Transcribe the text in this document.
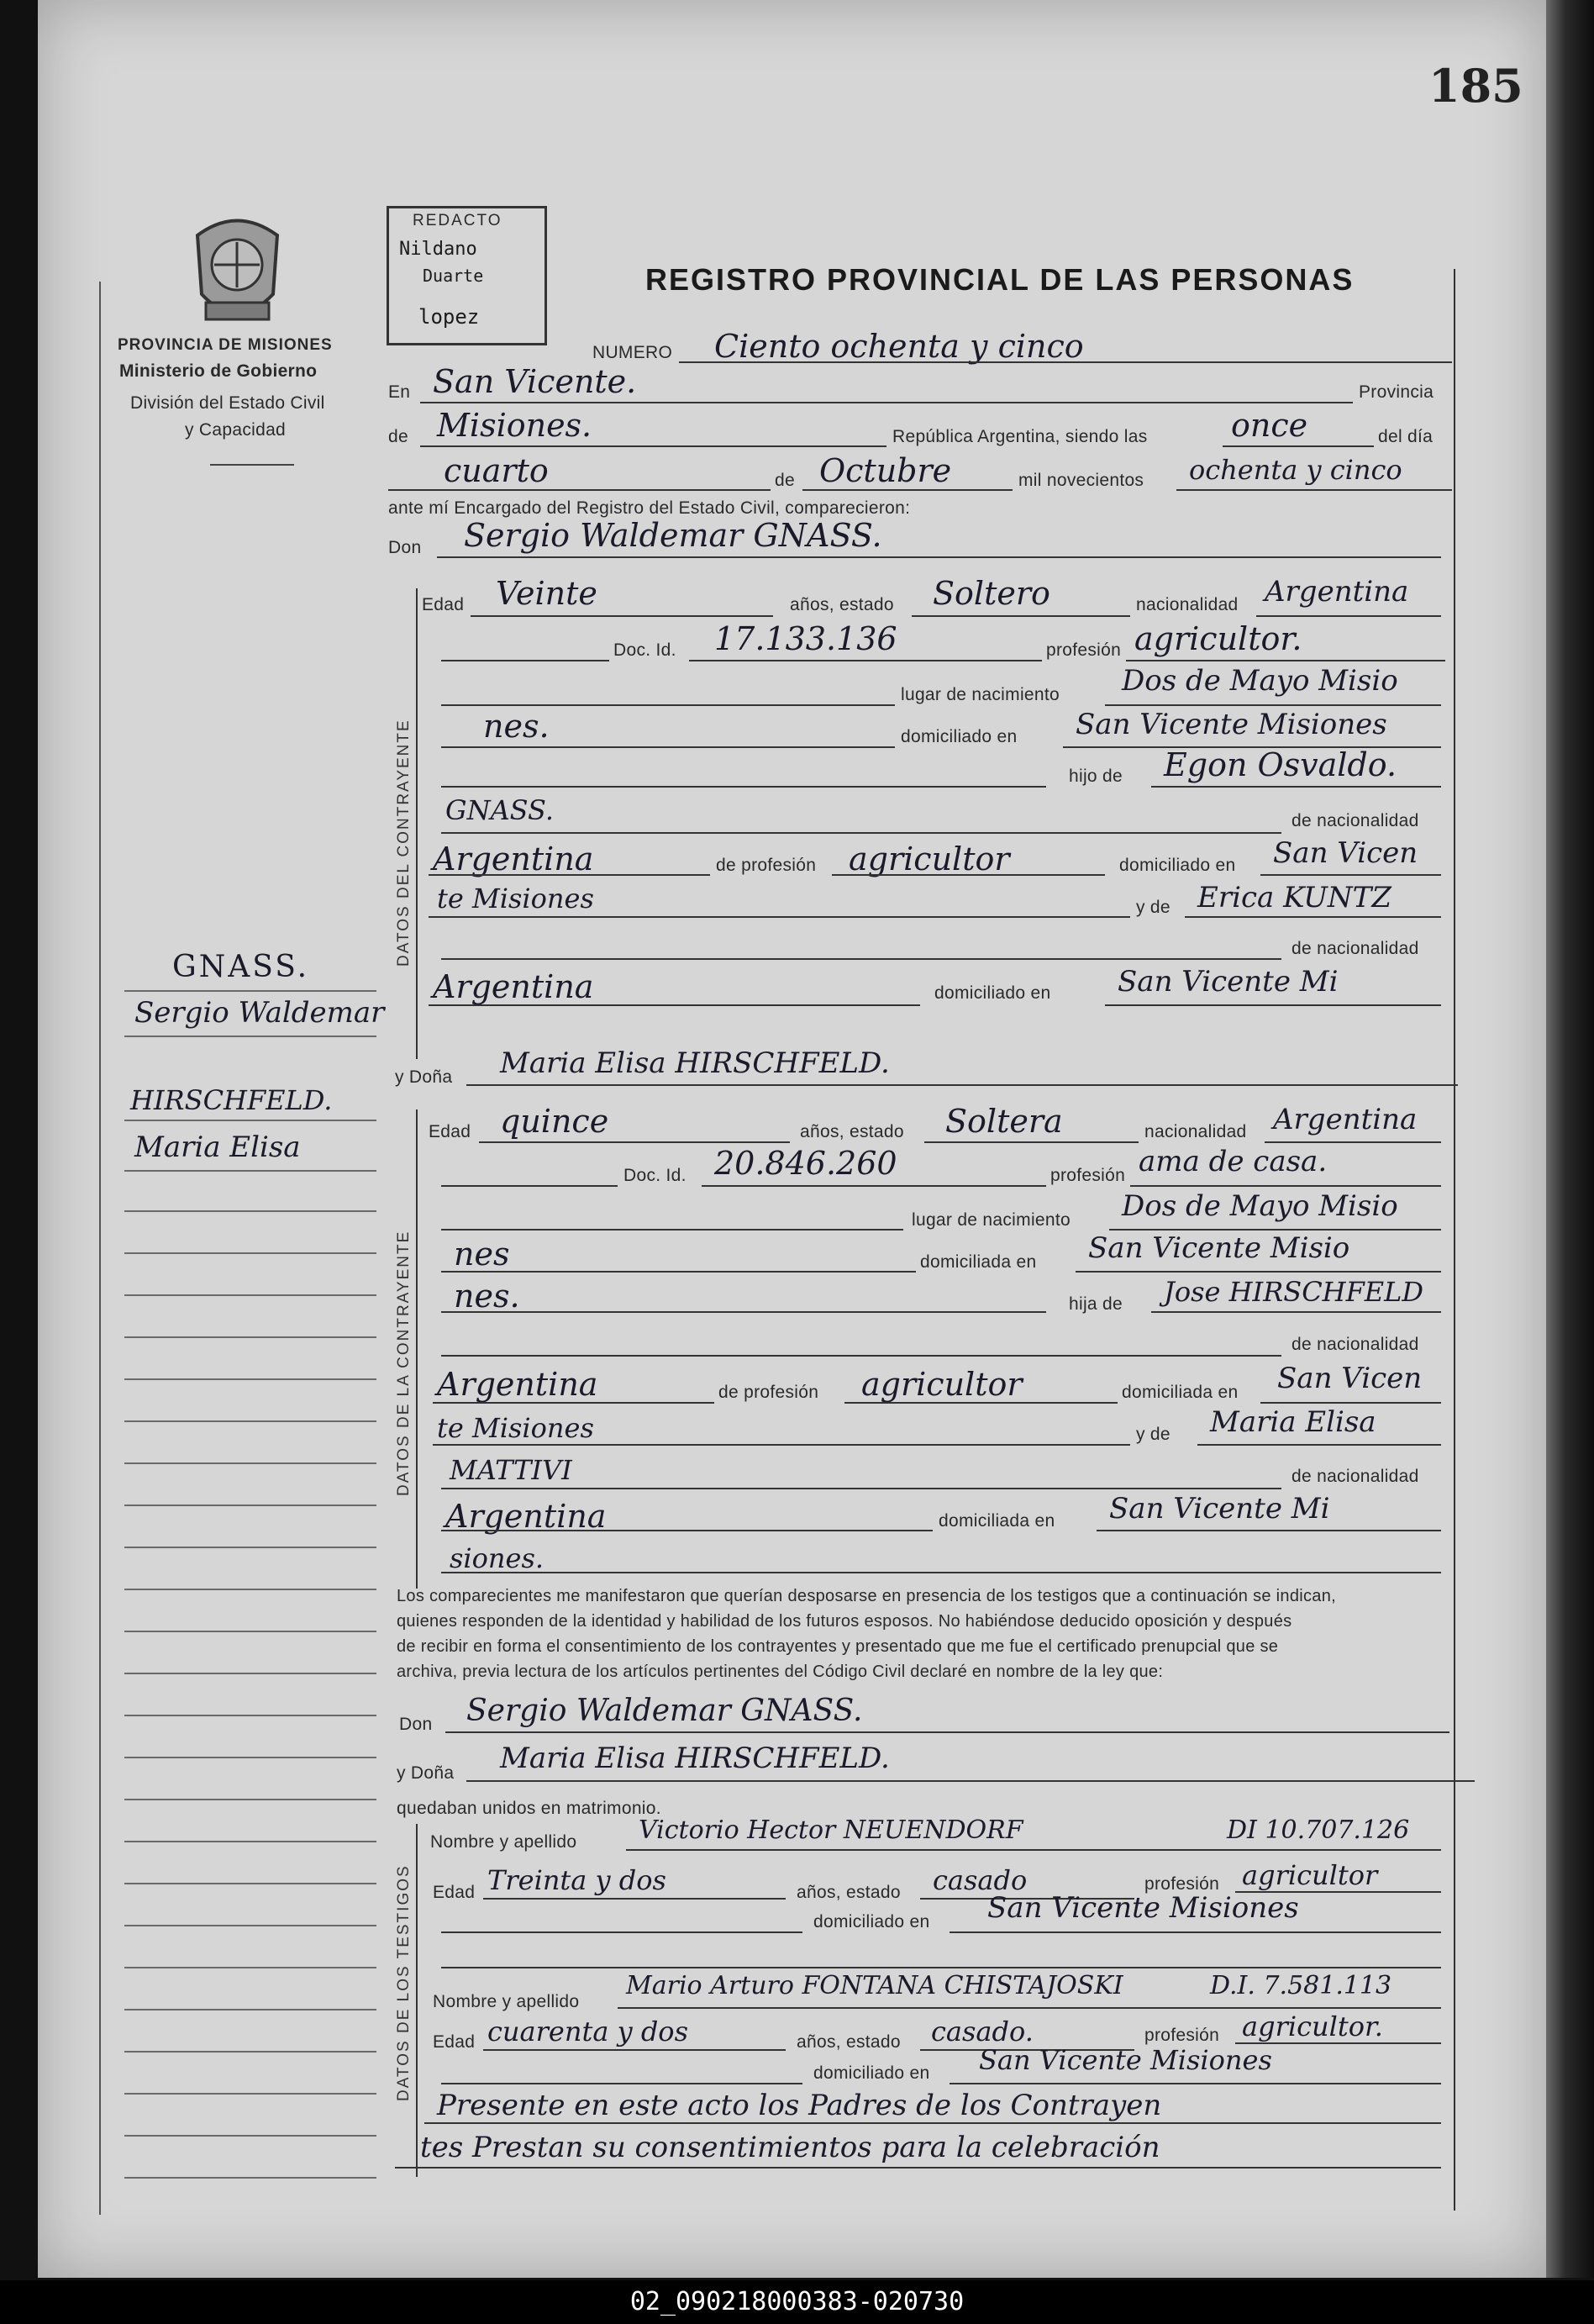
185
PROVINCIA DE MISIONES
Ministerio de Gobierno
División del Estado Civil
y Capacidad
REDACTO
Nildano
Duarte
lopez
REGISTRO PROVINCIAL DE LAS PERSONAS
NUMERO Ciento ochenta y cinco
En San Vicente.	Provincia
de Misiones.	República Argentina, siendo las	once	del día
cuarto	de Octubre	mil novecientos ochenta y cinco
ante mí Encargado del Registro del Estado Civil, comparecieron:
Don Sergio Waldemar GNASS.
DATOS DEL CONTRAYENTE
Edad Veinte	años, estado Soltero	nacionalidad Argentina
Doc. Id. 17.133.136	profesión agricultor.
lugar de nacimiento Dos de Mayo Misio
nes.	domiciliado en San Vicente Misiones
hijo de Egon Osvaldo.
GNASS.	de nacionalidad
Argentina	de profesión agricultor	domiciliado en San Vicen
te Misiones	y de Erica KUNTZ
de nacionalidad
Argentina	domiciliado en San Vicente Mi
y Doña Maria Elisa HIRSCHFELD.
DATOS DE LA CONTRAYENTE
Edad quince	años, estado Soltera	nacionalidad Argentina
Doc. Id. 20.846.260	profesión ama de casa.
lugar de nacimiento Dos de Mayo Misio
nes	domiciliada en San Vicente Misio
nes.	hija de Jose HIRSCHFELD
de nacionalidad
Argentina	de profesión agricultor	domiciliada en San Vicen
te Misiones	y de Maria Elisa
MATTIVI	de nacionalidad
Argentina	domiciliada en San Vicente Mi
siones.
Los comparecientes me manifestaron que querían desposarse en presencia de los testigos que a continuación se indican,
quienes responden de la identidad y habilidad de los futuros esposos. No habiéndose deducido oposición y después
de recibir en forma el consentimiento de los contrayentes y presentado que me fue el certificado prenupcial que se
archiva, previa lectura de los artículos pertinentes del Código Civil declaré en nombre de la ley que:
Don Sergio Waldemar GNASS.
y Doña Maria Elisa HIRSCHFELD.
quedaban unidos en matrimonio.
DATOS DE LOS TESTIGOS
Nombre y apellido Victorio Hector NEUENDORF	DI 10.707.126
Edad Treinta y dos	años, estado casado	profesión agricultor
domiciliado en San Vicente Misiones
Nombre y apellido
Mario Arturo FONTANA CHISTAJOSKI	D.I. 7.581.113
Edad cuarenta y dos	años, estado casado.	profesión agricultor.
domiciliado en San Vicente Misiones
Presente en este acto los Padres de los Contrayen
tes Prestan su consentimientos para la celebración
GNASS.
Sergio Waldemar
HIRSCHFELD.
Maria Elisa
02_090218000383-020730
